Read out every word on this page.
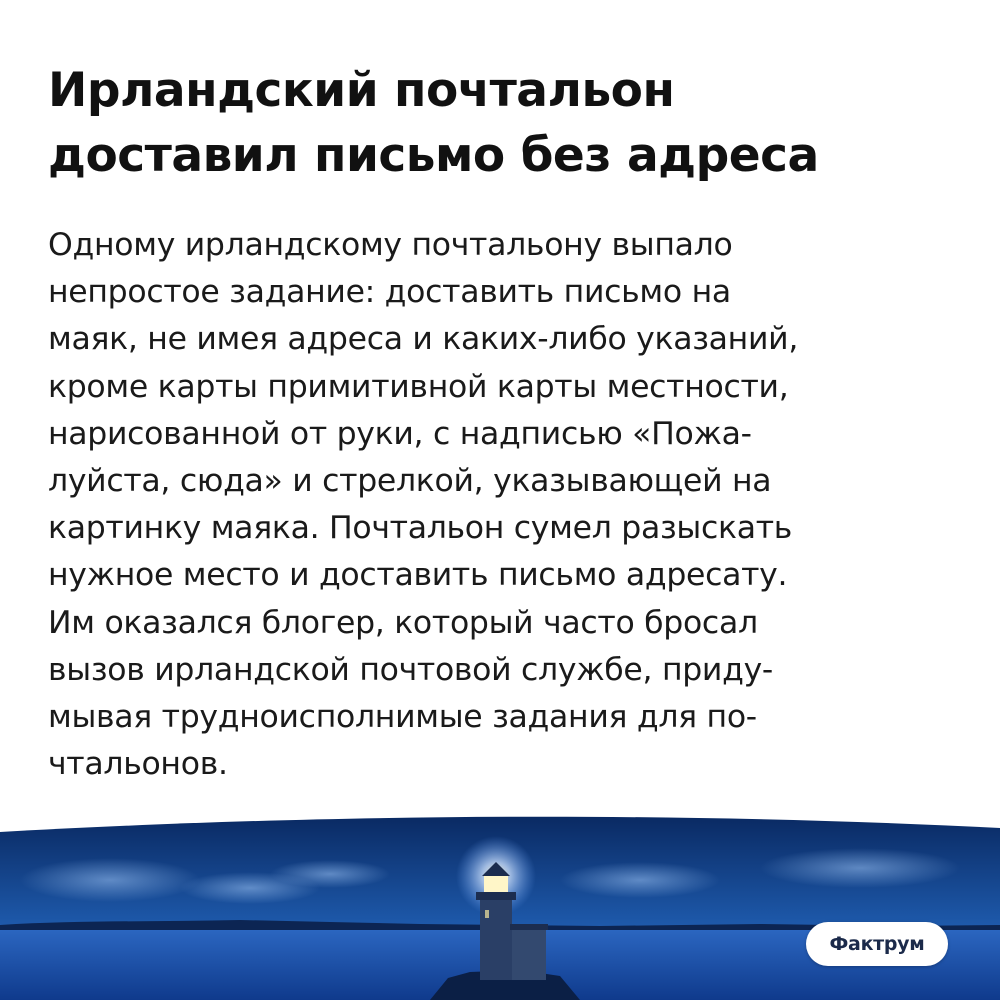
Ирландский почтальон
доставил письмо без адреса
Одному ирландскому почтальону выпало
непростое задание: доставить письмо на
маяк, не имея адреса и каких-либо указаний,
кроме карты примитивной карты местности,
нарисованной от руки, с надписью «Пожа-
луйста, сюда» и стрелкой, указывающей на
картинку маяка. Почтальон сумел разыскать
нужное место и доставить письмо адресату.
Им оказался блогер, который часто бросал
вызов ирландской почтовой службе, приду-
мывая трудноисполнимые задания для по-
чтальонов.
Фактрум
